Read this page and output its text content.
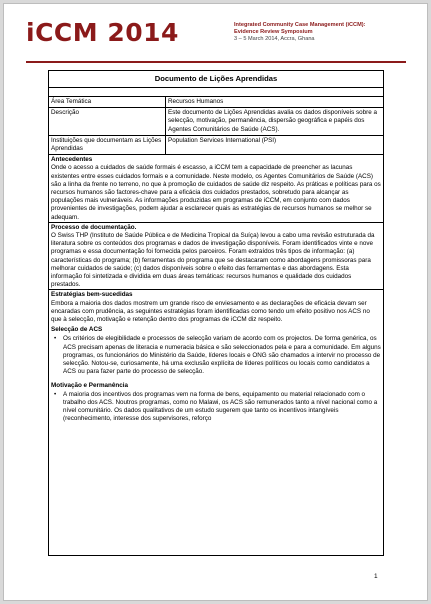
iCCM 2014	Integrated Community Case Management (iCCM):
Evidence Review Symposium
3 – 5 March 2014, Accra, Ghana
Documento de Lições Aprendidas
Área Temática	Recursos Humanos
Descrição	Este documento de Lições Aprendidas avalia os dados disponíveis sobre a selecção, motivação, permanência, dispersão geográfica e papéis dos Agentes Comunitários de Saúde (ACS).
Instituições que documentam as Lições Aprendidas	Population Services International (PSI)
Antecedentes
Onde o acesso a cuidados de saúde formais é escasso, a iCCM tem a capacidade de preencher as lacunas existentes entre esses cuidados formais e a comunidade. Neste modelo, os Agentes Comunitários de Saúde (ACS) são a linha da frente no terreno, no que à promoção de cuidados de saúde diz respeito. As práticas e políticas para os recursos humanos são factores-chave para a eficácia dos cuidados prestados, sobretudo para alcançar as populações mais vulneráveis. As informações produzidas em programas de iCCM, em conjunto com dados provenientes de investigações, podem ajudar a esclarecer quais as estratégias de recursos humanos se melhor se adequam.
Processo de documentação.
O Swiss THP (Instituto de Saúde Pública e de Medicina Tropical da Suíça) levou a cabo uma revisão estruturada da literatura sobre os conteúdos dos programas e dados de investigação disponíveis. Foram identificados vinte e nove programas e essa documentação foi fornecida pelos parceiros. Foram extraídos três tipos de informação: (a) características do programa; (b) ferramentas do programa que se destacaram como abordagens promissoras para melhorar cuidados de saúde; (c) dados disponíveis sobre o efeito das ferramentas e das abordagens. Esta informação foi sintetizada e dividida em duas áreas temáticas: recursos humanos e qualidade dos cuidados prestados.
Estratégias bem-sucedidas
Embora a maioria dos dados mostrem um grande risco de enviesamento e as declarações de eficácia devam ser encaradas com prudência, as seguintes estratégias foram identificadas como tendo um efeito positivo nos ACS no que à selecção, motivação e retenção dentro dos programas de iCCM diz respeito.
Selecção de ACS
• Os critérios de elegibilidade e processos de selecção variam de acordo com os projectos. De forma genérica, os ACS precisam apenas de literacia e numeracia básica e são seleccionados pela e para a comunidade. Em alguns programas, os funcionários do Ministério da Saúde, líderes locais e ONG são chamados a intervir no processo de selecção. Notou-se, curiosamente, há uma exclusão explícita de líderes políticos ou locais como candidatos a ACS ou para fazer parte do processo de selecção.
Motivação e Permanência
• A maioria dos incentivos dos programas vem na forma de bens, equipamento ou material relacionado com o trabalho dos ACS. Noutros programas, como no Malawi, os ACS são remunerados tanto a nível nacional como a nível comunitário. Os dados qualitativos de um estudo sugerem que tanto os incentivos intangíveis (reconhecimento, interesse dos supervisores, reforço
1
